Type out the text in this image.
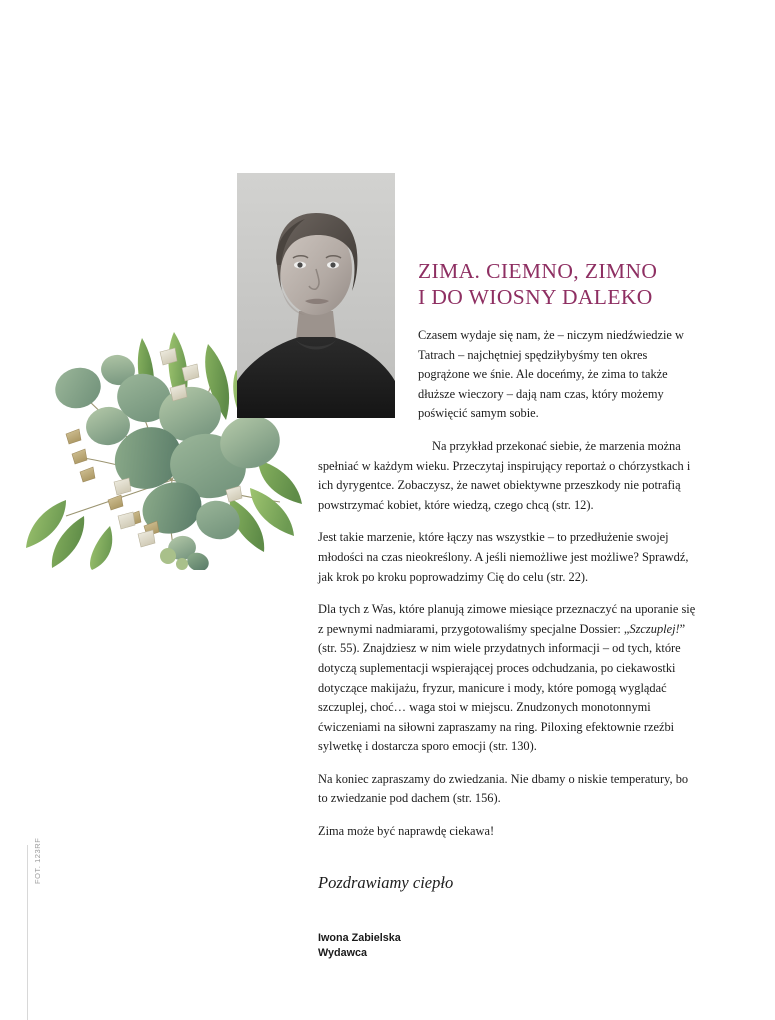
FOT. 123RF
ZIMA. CIEMNO, ZIMNO
I DO WIOSNY DALEKO

Czasem wydaje się nam, że – niczym niedźwiedzie w Tatrach – najchętniej spędziłybyśmy ten okres pogrążone we śnie. Ale doceńmy, że zima to także dłuższe wieczory – dają nam czas, który możemy poświęcić samym sobie.

Na przykład przekonać siebie, że marzenia można spełniać w każdym wieku. Przeczytaj inspirujący reportaż o chórzystkach i ich dyrygentce. Zobaczysz, że nawet obiektywne przeszkody nie potrafią powstrzymać kobiet, które wiedzą, czego chcą (str. 12).

Jest takie marzenie, które łączy nas wszystkie – to przedłużenie swojej młodości na czas nieokreślony. A jeśli niemożliwe jest możliwe? Sprawdź, jak krok po kroku poprowadzimy Cię do celu (str. 22).

Dla tych z Was, które planują zimowe miesiące przeznaczyć na uporanie się z pewnymi nadmiarami, przygotowaliśmy specjalne Dossier: „Szczuplej!” (str. 55). Znajdziesz w nim wiele przydatnych informacji – od tych, które dotyczą suplementacji wspierającej proces odchudzania, po ciekawostki dotyczące makijażu, fryzur, manicure i mody, które pomogą wyglądać szczuplej, choć… waga stoi w miejscu. Znudzonych monotonnymi ćwiczeniami na siłowni zapraszamy na ring. Piloxing efektownie rzeźbi sylwetkę i dostarcza sporo emocji (str. 130).

Na koniec zapraszamy do zwiedzania. Nie dbamy o niskie temperatury, bo to zwiedzanie pod dachem (str. 156).

Zima może być naprawdę ciekawa!

Pozdrawiamy ciepło

Iwona Zabielska
Wydawca
